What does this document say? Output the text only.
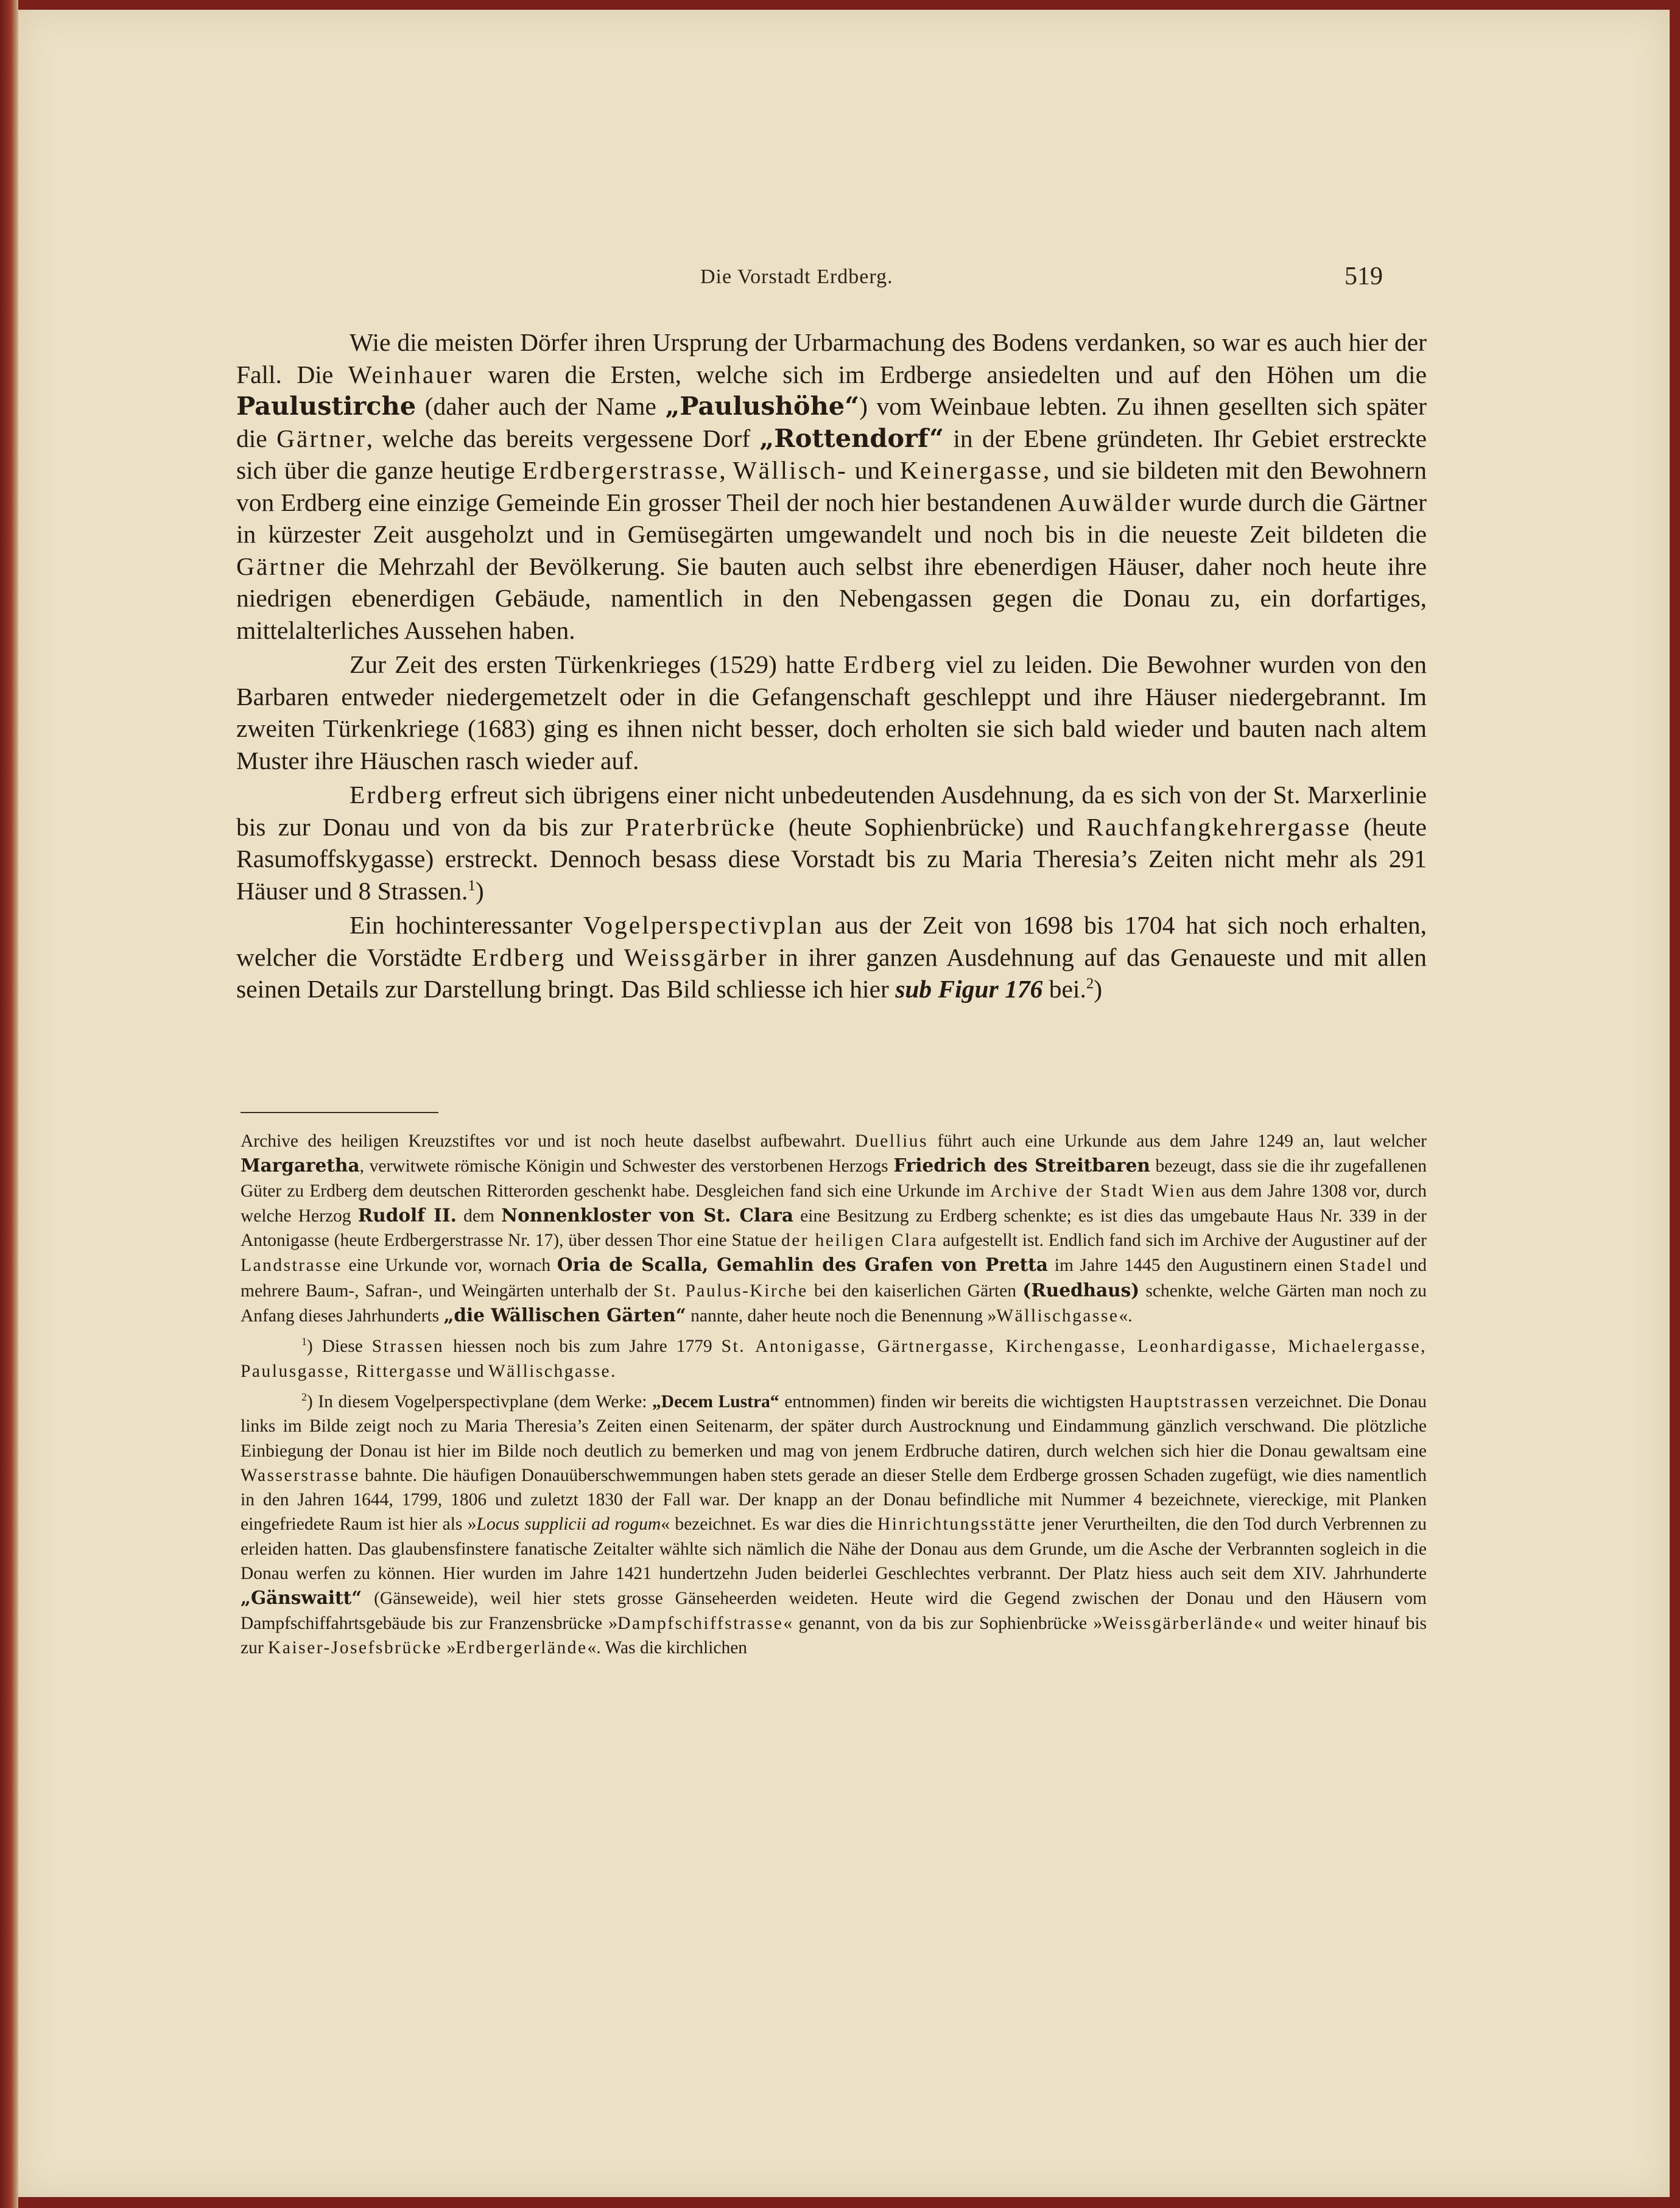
Die Vorstadt Erdberg.	519

Wie die meisten Dörfer ihren Ursprung der Urbarmachung des Bodens verdanken, so war es auch hier der Fall. Die Weinhauer waren die Ersten, welche sich im Erdberge ansiedelten und auf den Höhen um die Paulustirche (daher auch der Name „Paulushöhe“) vom Weinbaue lebten. Zu ihnen gesellten sich später die Gärtner, welche das bereits vergessene Dorf „Rottendorf“ in der Ebene gründeten. Ihr Gebiet erstreckte sich über die ganze heutige Erdbergerstrasse, Wällisch- und Keinergasse, und sie bildeten mit den Bewohnern von Erdberg eine einzige Gemeinde Ein grosser Theil der noch hier bestandenen Auwälder wurde durch die Gärtner in kürzester Zeit ausgeholzt und in Gemüsegärten umgewandelt und noch bis in die neueste Zeit bildeten die Gärtner die Mehrzahl der Bevölkerung. Sie bauten auch selbst ihre ebenerdigen Häuser, daher noch heute ihre niedrigen ebenerdigen Gebäude, namentlich in den Nebengassen gegen die Donau zu, ein dorfartiges, mittelalterliches Aussehen haben.

Zur Zeit des ersten Türkenkrieges (1529) hatte Erdberg viel zu leiden. Die Bewohner wurden von den Barbaren entweder niedergemetzelt oder in die Gefangenschaft geschleppt und ihre Häuser niedergebrannt. Im zweiten Türkenkriege (1683) ging es ihnen nicht besser, doch erholten sie sich bald wieder und bauten nach altem Muster ihre Häuschen rasch wieder auf.

Erdberg erfreut sich übrigens einer nicht unbedeutenden Ausdehnung, da es sich von der St. Marxerlinie bis zur Donau und von da bis zur Praterbrücke (heute Sophienbrücke) und Rauchfangkehrergasse (heute Rasumoffskygasse) erstreckt. Dennoch besass diese Vorstadt bis zu Maria Theresia’s Zeiten nicht mehr als 291 Häuser und 8 Strassen.$^1$)

Ein hochinteressanter Vogelperspectivplan aus der Zeit von 1698 bis 1704 hat sich noch erhalten, welcher die Vorstädte Erdberg und Weissgärber in ihrer ganzen Ausdehnung auf das Genaueste und mit allen seinen Details zur Darstellung bringt. Das Bild schliesse ich hier sub Figur 176 bei.$^2$)

Archive des heiligen Kreuzstiftes vor und ist noch heute daselbst aufbewahrt. Duellius führt auch eine Urkunde aus dem Jahre 1249 an, laut welcher Margaretha, verwitwete römische Königin und Schwester des verstorbenen Herzogs Friedrich des Streitbaren bezeugt, dass sie die ihr zugefallenen Güter zu Erdberg dem deutschen Ritterorden geschenkt habe. Desgleichen fand sich eine Urkunde im Archive der Stadt Wien aus dem Jahre 1308 vor, durch welche Herzog Rudolf II. dem Nonnenkloster von St. Clara eine Besitzung zu Erdberg schenkte; es ist dies das umgebaute Haus Nr. 339 in der Antonigasse (heute Erdbergerstrasse Nr. 17), über dessen Thor eine Statue der heiligen Clara aufgestellt ist. Endlich fand sich im Archive der Augustiner auf der Landstrasse eine Urkunde vor, wornach Oria de Scalla, Gemahlin des Grafen von Pretta im Jahre 1445 den Augustinern einen Stadel und mehrere Baum-, Safran-, und Weingärten unterhalb der St. Paulus-Kirche bei den kaiserlichen Gärten (Ruedhaus) schenkte, welche Gärten man noch zu Anfang dieses Jahrhunderts „die Wällischen Gärten“ nannte, daher heute noch die Benennung »Wällischgasse«.

$^1$) Diese Strassen hiessen noch bis zum Jahre 1779 St. Antonigasse, Gärtnergasse, Kirchengasse, Leonhardigasse, Michaelergasse, Paulusgasse, Rittergasse und Wällischgasse.

$^2$) In diesem Vogelperspectivplane (dem Werke: „Decem Lustra“ entnommen) finden wir bereits die wichtigsten Hauptstrassen verzeichnet. Die Donau links im Bilde zeigt noch zu Maria Theresia’s Zeiten einen Seitenarm, der später durch Austrocknung und Eindammung gänzlich verschwand. Die plötzliche Einbiegung der Donau ist hier im Bilde noch deutlich zu bemerken und mag von jenem Erdbruche datiren, durch welchen sich hier die Donau gewaltsam eine Wasserstrasse bahnte. Die häufigen Donauüberschwemmungen haben stets gerade an dieser Stelle dem Erdberge grossen Schaden zugefügt, wie dies namentlich in den Jahren 1644, 1799, 1806 und zuletzt 1830 der Fall war. Der knapp an der Donau befindliche mit Nummer 4 bezeichnete, viereckige, mit Planken eingefriedete Raum ist hier als »Locus supplicii ad rogum« bezeichnet. Es war dies die Hinrichtungsstätte jener Verurtheilten, die den Tod durch Verbrennen zu erleiden hatten. Das glaubensfinstere fanatische Zeitalter wählte sich nämlich die Nähe der Donau aus dem Grunde, um die Asche der Verbrannten sogleich in die Donau werfen zu können. Hier wurden im Jahre 1421 hundertzehn Juden beiderlei Geschlechtes verbrannt. Der Platz hiess auch seit dem XIV. Jahrhunderte „Gänswaitt“ (Gänseweide), weil hier stets grosse Gänseheerden weideten. Heute wird die Gegend zwischen der Donau und den Häusern vom Dampfschiffahrtsgebäude bis zur Franzensbrücke »Dampfschiffstrasse« genannt, von da bis zur Sophienbrücke »Weissgärberlände« und weiter hinauf bis zur Kaiser-Josefsbrücke »Erdbergerlände«. Was die kirchlichen
